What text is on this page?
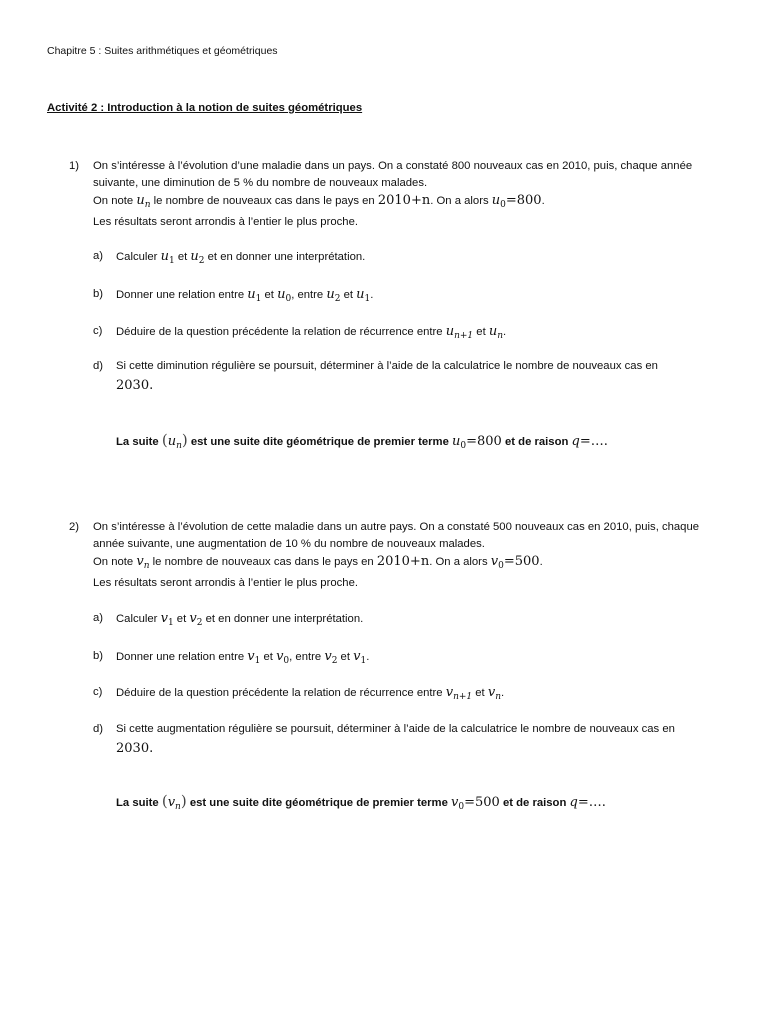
Chapitre 5 : Suites arithmétiques et géométriques
Activité 2 : Introduction à la notion de suites géométriques
1) On s’intéresse à l’évolution d’une maladie dans un pays. On a constaté 800 nouveaux cas en 2010, puis, chaque année
suivante, une diminution de 5 % du nombre de nouveaux malades.
On note $u_n$ le nombre de nouveaux cas dans le pays en 2010+n. On a alors $u_0=800$.
Les résultats seront arrondis à l’entier le plus proche.
a) Calculer $u_1$ et $u_2$ et en donner une interprétation.
b) Donner une relation entre $u_1$ et $u_0$, entre $u_2$ et $u_1$.
c) Déduire de la question précédente la relation de récurrence entre $u_{n+1}$ et $u_n$.
d) Si cette diminution régulière se poursuit, déterminer à l’aide de la calculatrice le nombre de nouveaux cas en
2030.
La suite $(u_n)$ est une suite dite géométrique de premier terme $u_0=800$ et de raison q=….
2) On s’intéresse à l’évolution de cette maladie dans un autre pays. On a constaté 500 nouveaux cas en 2010, puis, chaque
année suivante, une augmentation de 10 % du nombre de nouveaux malades.
On note $v_n$ le nombre de nouveaux cas dans le pays en 2010+n. On a alors $v_0=500$.
Les résultats seront arrondis à l’entier le plus proche.
a) Calculer $v_1$ et $v_2$ et en donner une interprétation.
b) Donner une relation entre $v_1$ et $v_0$, entre $v_2$ et $v_1$.
c) Déduire de la question précédente la relation de récurrence entre $v_{n+1}$ et $v_n$.
d) Si cette augmentation régulière se poursuit, déterminer à l’aide de la calculatrice le nombre de nouveaux cas en
2030.
La suite $(v_n)$ est une suite dite géométrique de premier terme $v_0=500$ et de raison q=….
